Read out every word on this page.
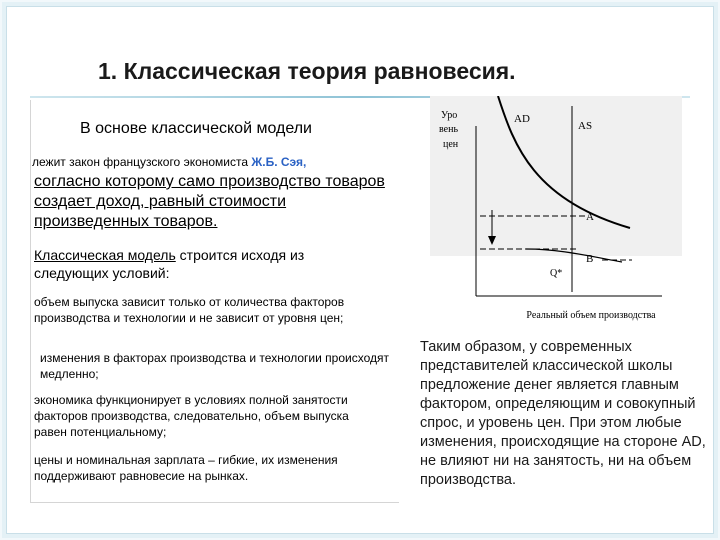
1. Классическая теория равновесия.
В основе классической модели
лежит закон французского экономиста Ж.Б. Сэя,
согласно которому само производство товаров создает доход, равный стоимости произведенных товаров.
Классическая модель строится исходя из следующих условий:
объем выпуска зависит только от количества факторов производства и технологии и не зависит от уровня цен;
изменения в факторах производства и технологии происходят медленно;
экономика функционирует в условиях полной занятости факторов производства, следовательно, объем выпуска равен потенциальному;
цены и номинальная зарплата – гибкие, их изменения поддерживают равновесие на рынках.
Уро
вень
цен
AD
AS
A
B
Q*
Реальный объем производства
Таким образом, у современных представителей классической школы предложение денег является главным фактором, определяющим и совокупный спрос, и уровень цен. При этом любые изменения, происходящие на стороне AD, не влияют ни на занятость, ни на объем производства.
